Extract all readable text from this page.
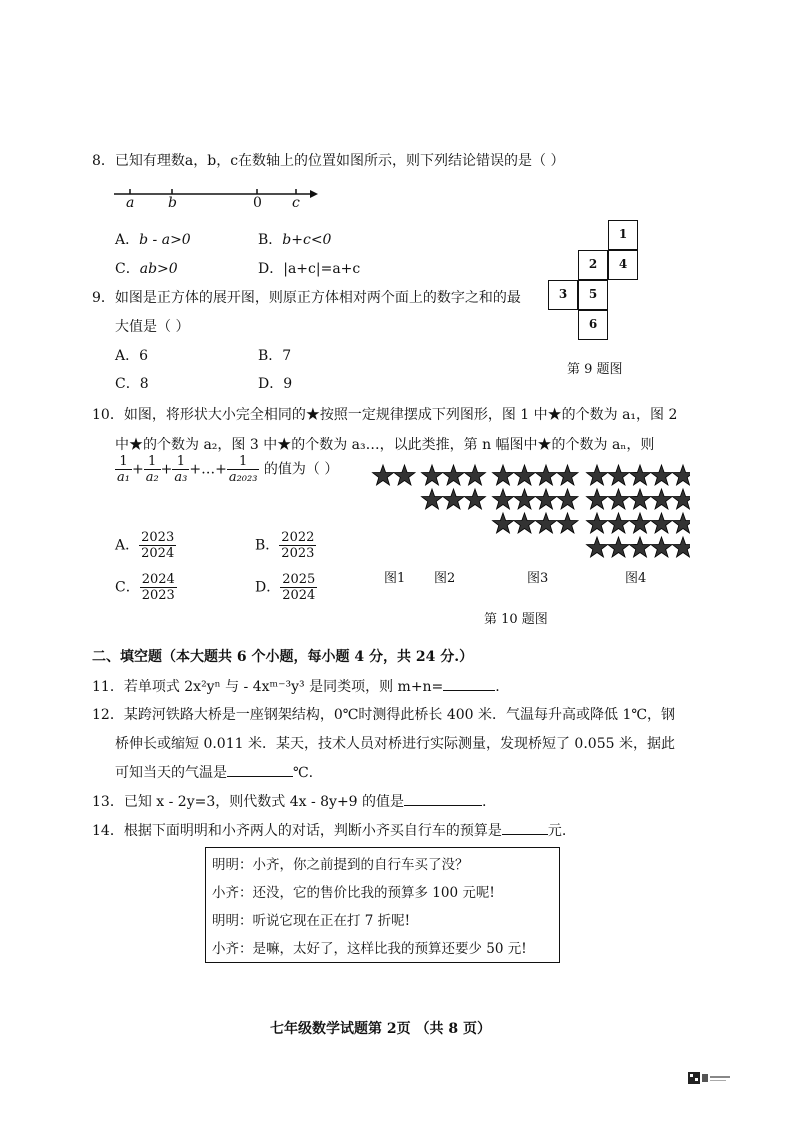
8．已知有理数a，b，c在数轴上的位置如图所示，则下列结论错误的是（ ）
a b	0 c
A．b - a>0	B．b+c<0
C．ab>0	D．|a+c|=a+c
1
2	4
3	5
6
第 9 题图
9．如图是正方体的展开图，则原正方体相对两个面上的数字之和的最
大值是（ ）
A．6	B．7
C．8	D．9
10．如图，将形状大小完全相同的★按照一定规律摆成下列图形，图 1 中★的个数为 a₁，图 2
中★的个数为 a₂，图 3 中★的个数为 a₃…，以此类推，第 n 幅图中★的个数为 aₙ，则
$\frac{1}{\text{a₁}} + \frac{1}{\text{a₂}} + \frac{1}{\text{a₃}}$ +…+ $\frac{1}{\text{a₂₀₂₃}}$ 的值为（ ）
A． $\frac{2023}{2024}$	B． $\frac{2022}{2023}$
C． $\frac{2024}{2023}$	D． $\frac{2025}{2024}$	图1 图2	图3	图4
第 10 题图
二、填空题（本大题共 6 个小题，每小题 4 分，共 24 分.）
11．若单项式 2x²yⁿ 与 - 4xᵐ⁻³y³ 是同类项，则 m+n=	.
12．某跨河铁路大桥是一座钢架结构，0℃时测得此桥长 400 米．气温每升高或降低 1℃，钢
桥伸长或缩短 0.011 米．某天，技术人员对桥进行实际测量，发现桥短了 0.055 米，据此
可知当天的气温是	℃.
13．已知 x - 2y=3，则代数式 4x - 8y+9 的值是	.
14．根据下面明明和小齐两人的对话，判断小齐买自行车的预算是	元.
明明：小齐，你之前提到的自行车买了没？
小齐：还没，它的售价比我的预算多 100 元呢!
明明：听说它现在正在打 7 折呢!
小齐：是嘛，太好了，这样比我的预算还要少 50 元!
七年级数学试题第 2页 （共 8 页）
